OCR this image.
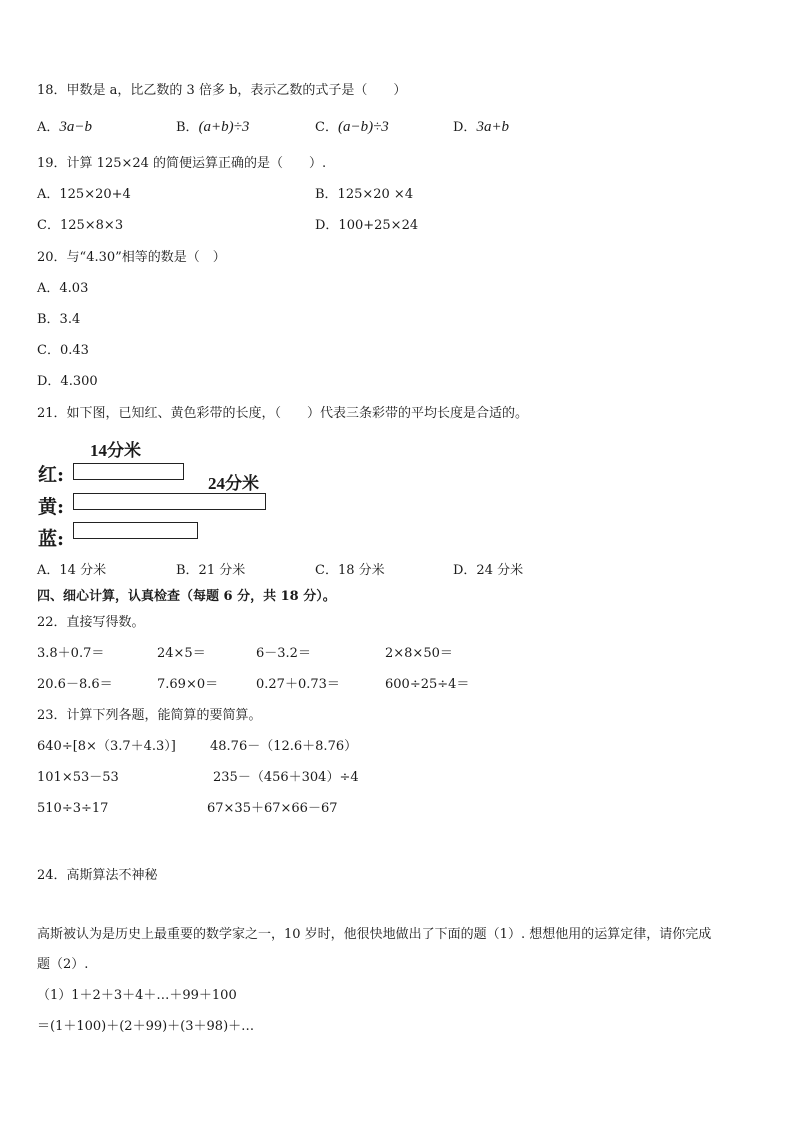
18．甲数是 a，比乙数的 3 倍多 b，表示乙数的式子是（　　）
A．3a−b	B．(a+b)÷3	C．(a−b)÷3	D．3a+b
19．计算 125×24 的简便运算正确的是（　　）.
A．125×20+4	B．125×20 ×4
C．125×8×3	D．100+25×24
20．与“4.30”相等的数是（　）
A．4.03
B．3.4
C．0.43
D．4.300
21．如下图，已知红、黄色彩带的长度，（　　）代表三条彩带的平均长度是合适的。
14分米
24分米
红:
黄:
蓝:
A．14 分米	B．21 分米	C．18 分米	D．24 分米
四、细心计算，认真检查（每题 6 分，共 18 分）。
22．直接写得数。
3.8＋0.7＝	24×5＝	6－3.2＝	2×8×50＝
20.6－8.6＝	7.69×0＝	0.27＋0.73＝	600÷25÷4＝
23．计算下列各题，能简算的要简算。
640÷[8×（3.7＋4.3）]	48.76－（12.6＋8.76）
101×53－53	235－（456＋304）÷4
510÷3÷17	67×35＋67×66－67
24．高斯算法不神秘
高斯被认为是历史上最重要的数学家之一，10 岁时，他很快地做出了下面的题（1）. 想想他用的运算定律，请你完成
题（2）.
（1）1＋2＋3＋4＋…＋99＋100
＝(1＋100)＋(2＋99)＋(3＋98)＋…
